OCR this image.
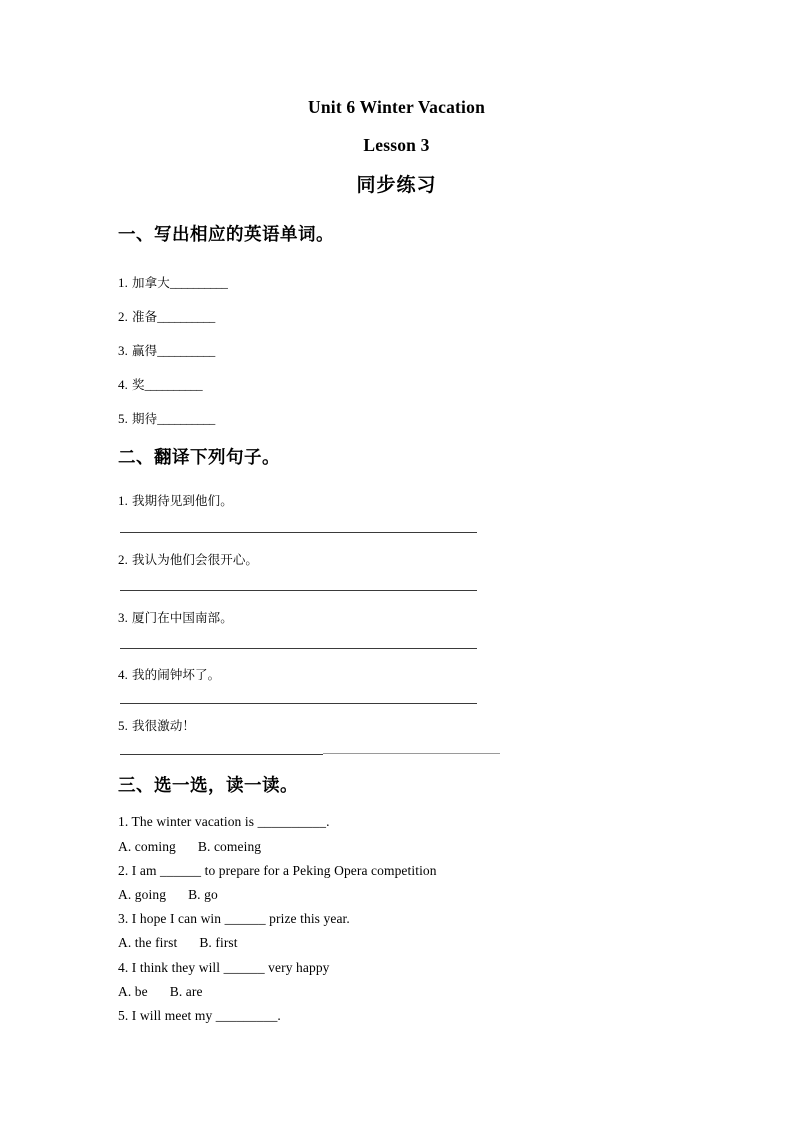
Unit 6 Winter Vacation
Lesson 3
同步练习
一、写出相应的英语单词。
1. 加拿大__________
2. 准备__________
3. 赢得__________
4. 奖__________
5. 期待__________
二、翻译下列句子。
1. 我期待见到他们。
2. 我认为他们会很开心。
3. 厦门在中国南部。
4. 我的闹钟坏了。
5. 我很激动！
三、选一选，读一读。
1. The winter vacation is __________.
A. coming B. comeing
2. I am ______ to prepare for a Peking Opera competition
A. going B. go
3. I hope I can win ______ prize this year.
A. the first B. first
4. I think they will ______ very happy
A. be B. are
5. I will meet my _________.
